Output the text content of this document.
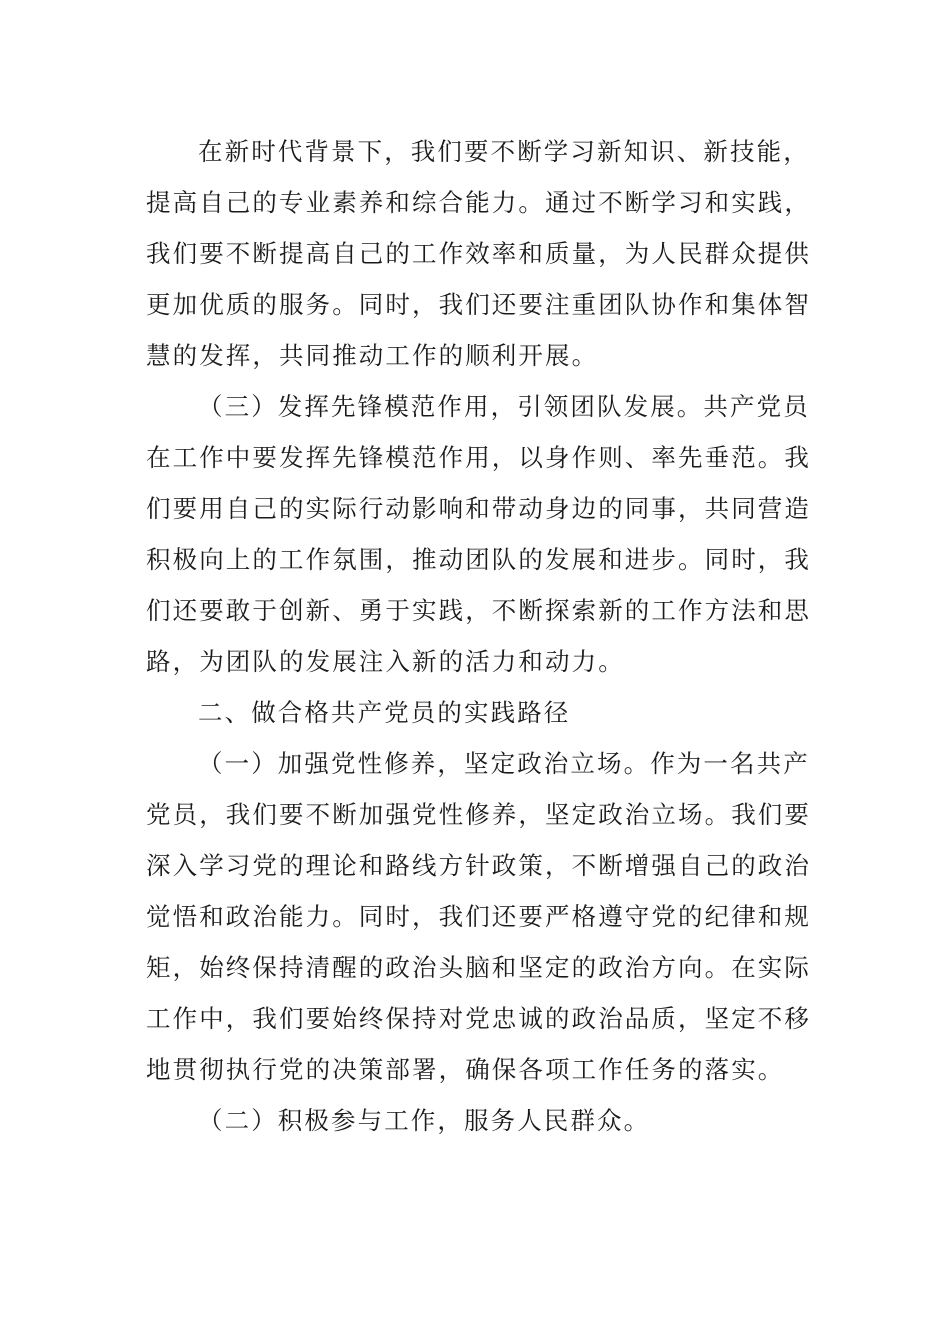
在新时代背景下，我们要不断学习新知识、新技能，
提高自己的专业素养和综合能力。通过不断学习和实践，
我们要不断提高自己的工作效率和质量，为人民群众提供
更加优质的服务。同时，我们还要注重团队协作和集体智
慧的发挥，共同推动工作的顺利开展。
（三）发挥先锋模范作用，引领团队发展。共产党员
在工作中要发挥先锋模范作用，以身作则、率先垂范。我
们要用自己的实际行动影响和带动身边的同事，共同营造
积极向上的工作氛围，推动团队的发展和进步。同时，我
们还要敢于创新、勇于实践，不断探索新的工作方法和思
路，为团队的发展注入新的活力和动力。
二、做合格共产党员的实践路径
（一）加强党性修养，坚定政治立场。作为一名共产
党员，我们要不断加强党性修养，坚定政治立场。我们要
深入学习党的理论和路线方针政策，不断增强自己的政治
觉悟和政治能力。同时，我们还要严格遵守党的纪律和规
矩，始终保持清醒的政治头脑和坚定的政治方向。在实际
工作中，我们要始终保持对党忠诚的政治品质，坚定不移
地贯彻执行党的决策部署，确保各项工作任务的落实。
（二）积极参与工作，服务人民群众。
